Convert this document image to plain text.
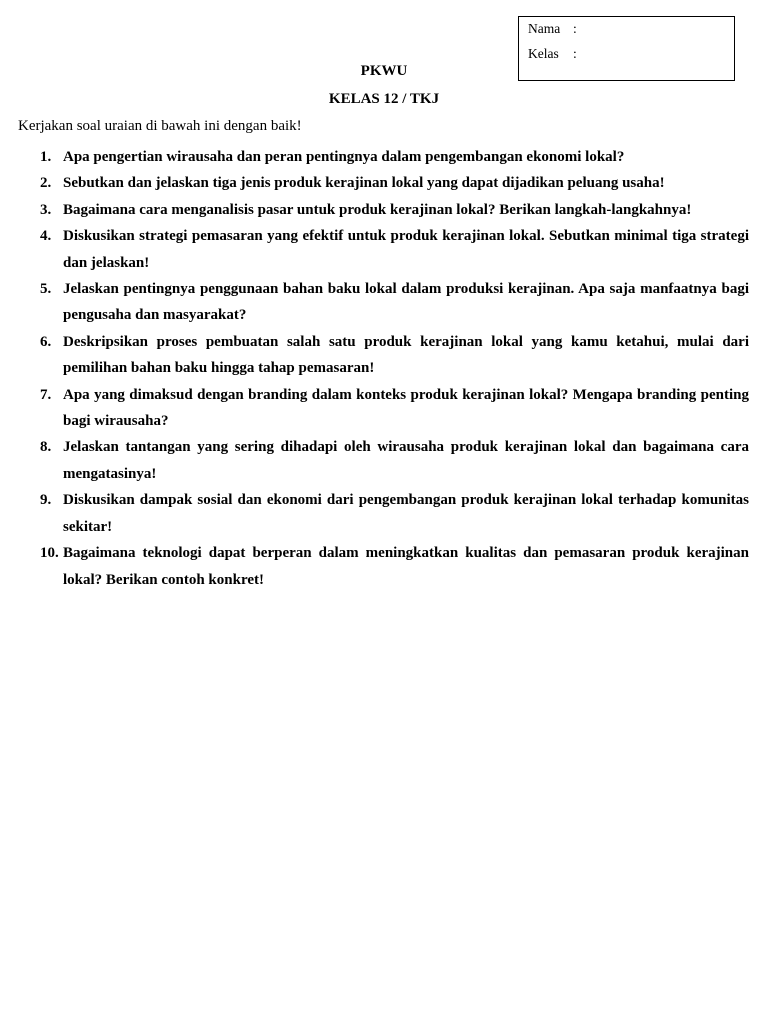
Nama :
Kelas :
PKWU
KELAS 12 / TKJ
Kerjakan soal uraian di bawah ini dengan baik!
1. Apa pengertian wirausaha dan peran pentingnya dalam pengembangan ekonomi lokal?
2. Sebutkan dan jelaskan tiga jenis produk kerajinan lokal yang dapat dijadikan peluang usaha!
3. Bagaimana cara menganalisis pasar untuk produk kerajinan lokal? Berikan langkah-langkahnya!
4. Diskusikan strategi pemasaran yang efektif untuk produk kerajinan lokal. Sebutkan minimal tiga strategi dan jelaskan!
5. Jelaskan pentingnya penggunaan bahan baku lokal dalam produksi kerajinan. Apa saja manfaatnya bagi pengusaha dan masyarakat?
6. Deskripsikan proses pembuatan salah satu produk kerajinan lokal yang kamu ketahui, mulai dari pemilihan bahan baku hingga tahap pemasaran!
7. Apa yang dimaksud dengan branding dalam konteks produk kerajinan lokal? Mengapa branding penting bagi wirausaha?
8. Jelaskan tantangan yang sering dihadapi oleh wirausaha produk kerajinan lokal dan bagaimana cara mengatasinya!
9. Diskusikan dampak sosial dan ekonomi dari pengembangan produk kerajinan lokal terhadap komunitas sekitar!
10. Bagaimana teknologi dapat berperan dalam meningkatkan kualitas dan pemasaran produk kerajinan lokal? Berikan contoh konkret!
